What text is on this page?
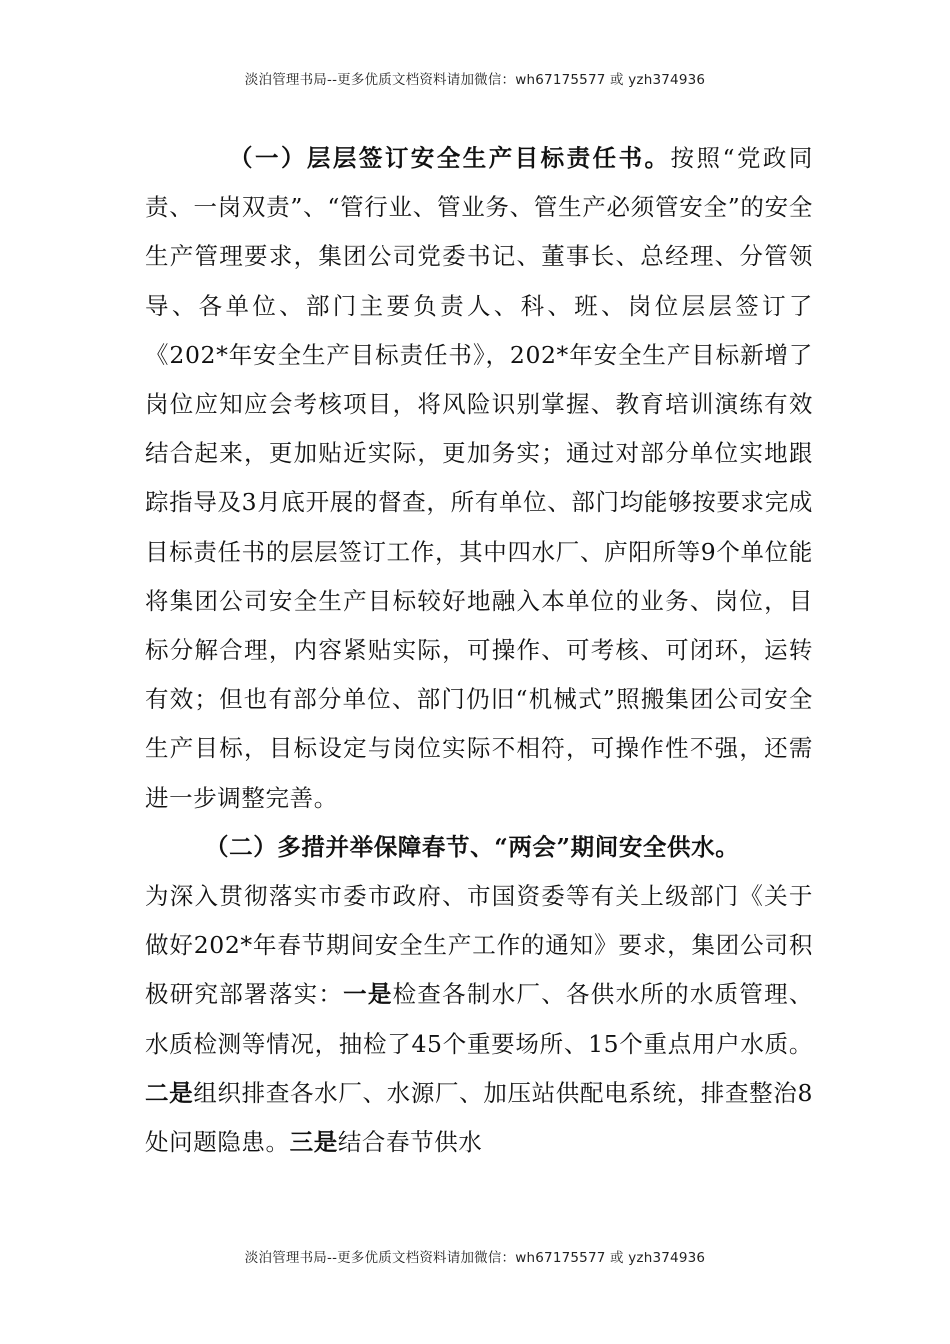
淡泊管理书局--更多优质文档资料请加微信：wh67175577 或 yzh374936

（一）层层签订安全生产目标责任书。按照“党政同责、一岗双责”、“管行业、管业务、管生产必须管安全”的安全生产管理要求，集团公司党委书记、董事长、总经理、分管领导、各单位、部门主要负责人、科、班、岗位层层签订了《202*年安全生产目标责任书》，202*年安全生产目标新增了岗位应知应会考核项目，将风险识别掌握、教育培训演练有效结合起来，更加贴近实际，更加务实；通过对部分单位实地跟踪指导及3月底开展的督查，所有单位、部门均能够按要求完成目标责任书的层层签订工作，其中四水厂、庐阳所等9个单位能将集团公司安全生产目标较好地融入本单位的业务、岗位，目标分解合理，内容紧贴实际，可操作、可考核、可闭环，运转有效；但也有部分单位、部门仍旧“机械式”照搬集团公司安全生产目标，目标设定与岗位实际不相符，可操作性不强，还需进一步调整完善。

（二）多措并举保障春节、“两会”期间安全供水。

为深入贯彻落实市委市政府、市国资委等有关上级部门《关于做好202*年春节期间安全生产工作的通知》要求，集团公司积极研究部署落实：一是检查各制水厂、各供水所的水质管理、水质检测等情况，抽检了45个重要场所、15个重点用户水质。二是组织排查各水厂、水源厂、加压站供配电系统，排查整治8处问题隐患。三是结合春节供水

淡泊管理书局--更多优质文档资料请加微信：wh67175577 或 yzh374936
